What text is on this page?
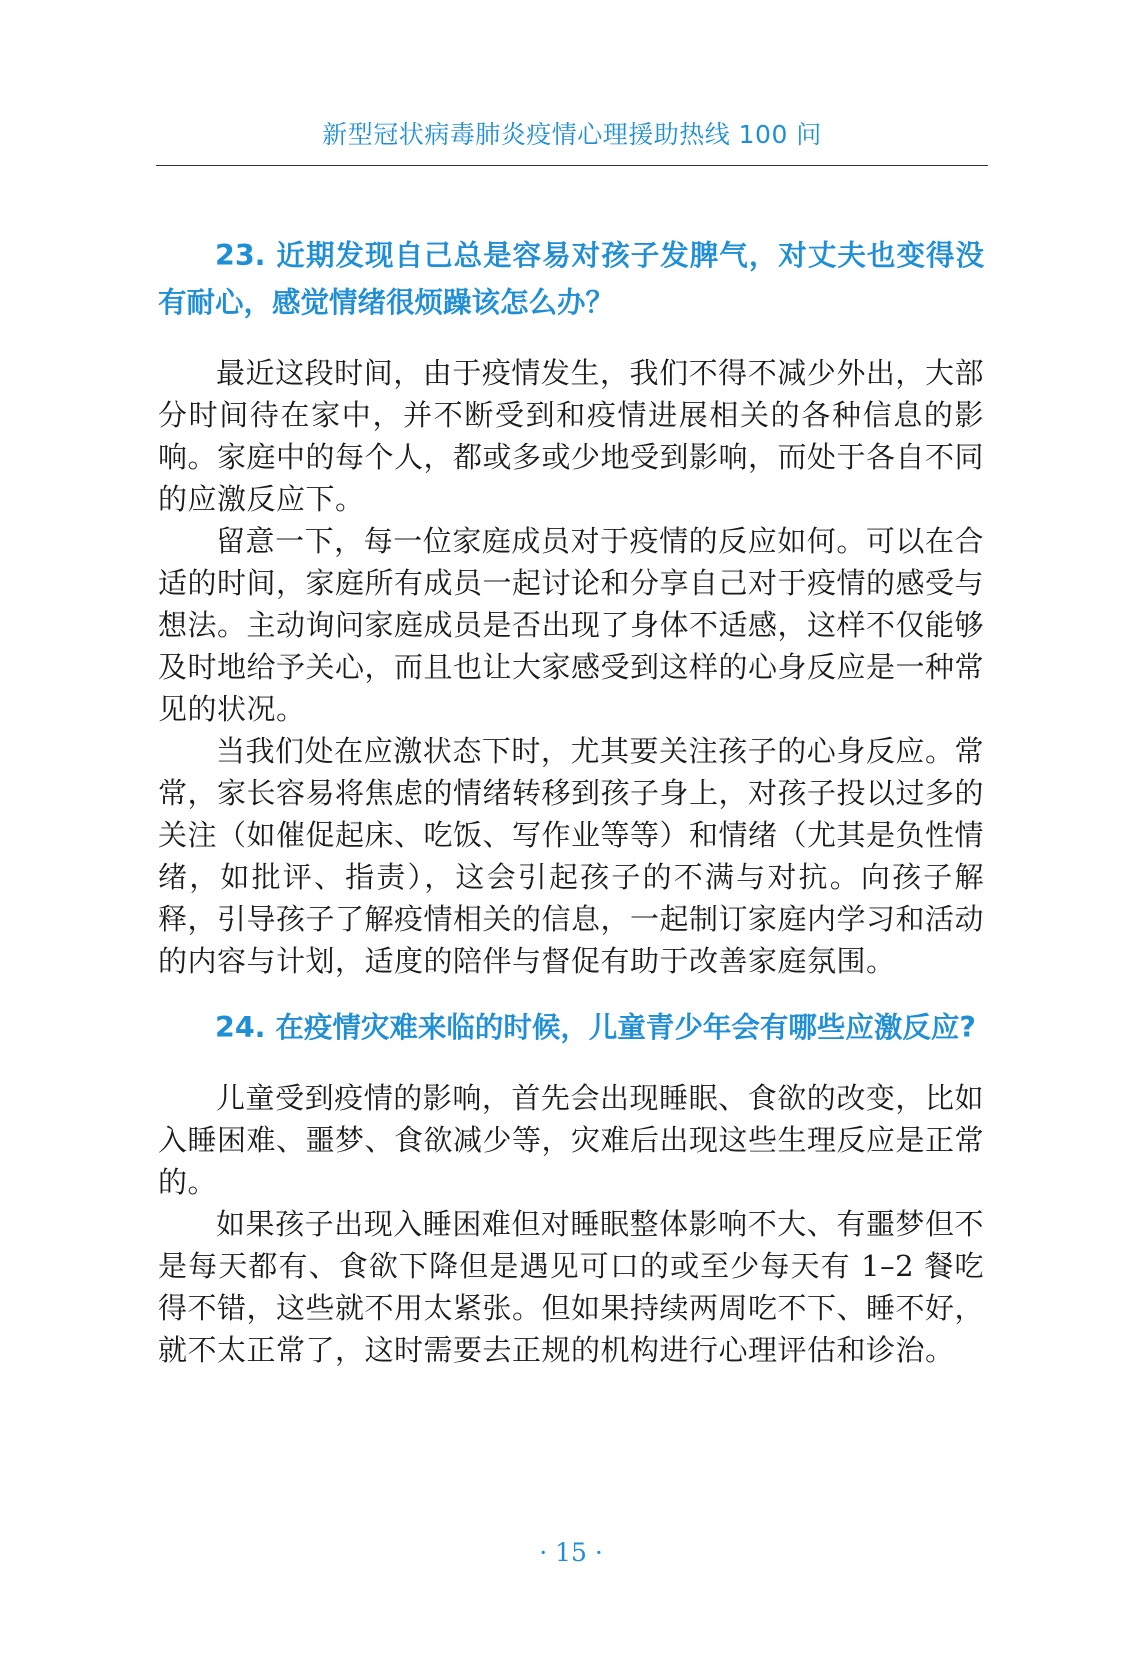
新型冠状病毒肺炎疫情心理援助热线 100 问
23. 近期发现自己总是容易对孩子发脾气，对丈夫也变得没有耐心，感觉情绪很烦躁该怎么办？

最近这段时间，由于疫情发生，我们不得不减少外出，大部分时间待在家中，并不断受到和疫情进展相关的各种信息的影响。家庭中的每个人，都或多或少地受到影响，而处于各自不同的应激反应下。

留意一下，每一位家庭成员对于疫情的反应如何。可以在合适的时间，家庭所有成员一起讨论和分享自己对于疫情的感受与想法。主动询问家庭成员是否出现了身体不适感，这样不仅能够及时地给予关心，而且也让大家感受到这样的心身反应是一种常见的状况。

当我们处在应激状态下时，尤其要关注孩子的心身反应。常常，家长容易将焦虑的情绪转移到孩子身上，对孩子投以过多的关注（如催促起床、吃饭、写作业等等）和情绪（尤其是负性情绪，如批评、指责），这会引起孩子的不满与对抗。向孩子解释，引导孩子了解疫情相关的信息，一起制订家庭内学习和活动的内容与计划，适度的陪伴与督促有助于改善家庭氛围。

24. 在疫情灾难来临的时候，儿童青少年会有哪些应激反应?

儿童受到疫情的影响，首先会出现睡眠、食欲的改变，比如入睡困难、噩梦、食欲减少等，灾难后出现这些生理反应是正常的。

如果孩子出现入睡困难但对睡眠整体影响不大、有噩梦但不是每天都有、食欲下降但是遇见可口的或至少每天有 1–2 餐吃得不错，这些就不用太紧张。但如果持续两周吃不下、睡不好，就不太正常了，这时需要去正规的机构进行心理评估和诊治。

· 15 ·
